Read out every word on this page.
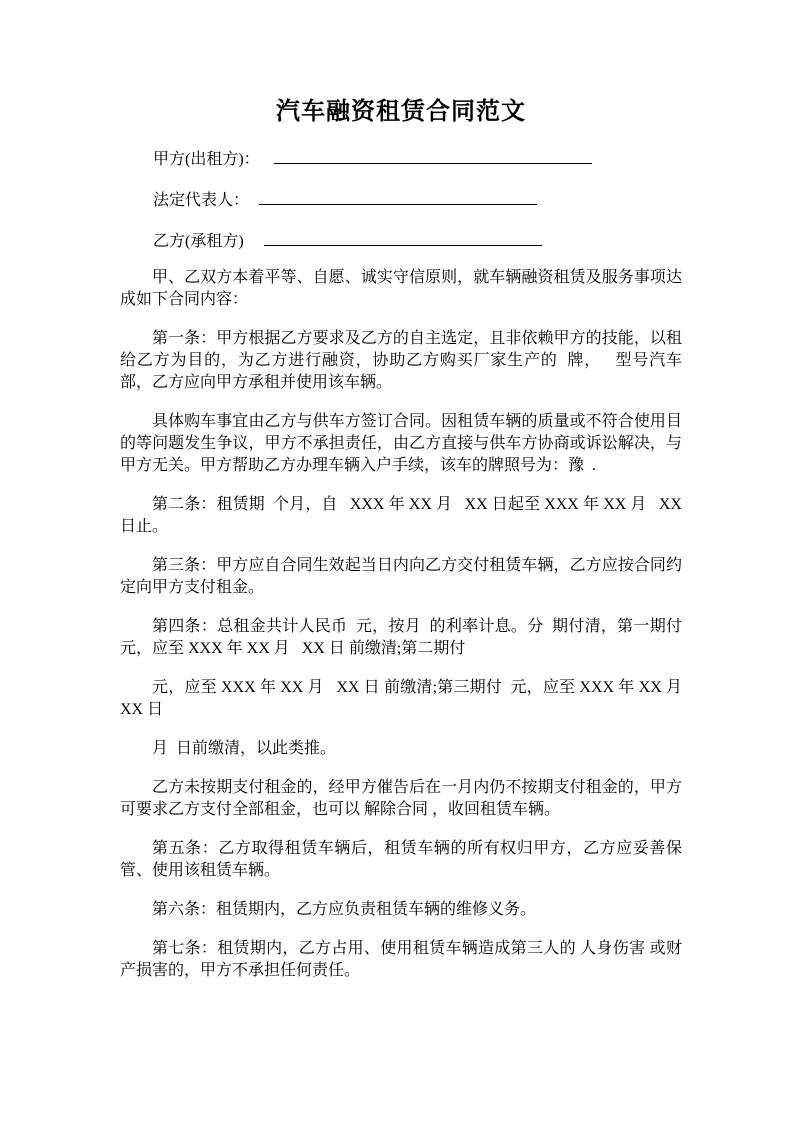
汽车融资租赁合同范文
甲方(出租方)：
法定代表人：
乙方(承租方)

甲、乙双方本着平等、自愿、诚实守信原则，就车辆融资租赁及服务事项达成如下合同内容：

第一条：甲方根据乙方要求及乙方的自主选定，且非依赖甲方的技能，以租给乙方为目的，为乙方进行融资，协助乙方购买厂家生产的  牌，   型号汽车  部，乙方应向甲方承租并使用该车辆。

具体购车事宜由乙方与供车方签订合同。因租赁车辆的质量或不符合使用目的等问题发生争议，甲方不承担责任，由乙方直接与供车方协商或诉讼解决，与甲方无关。甲方帮助乙方办理车辆入户手续，该车的牌照号为：豫  .

第二条：租赁期  个月，自   XXX 年 XX 月   XX 日起至 XXX 年 XX 月   XX 日止。

第三条：甲方应自合同生效起当日内向乙方交付租赁车辆，乙方应按合同约定向甲方支付租金。

第四条：总租金共计人民币  元，按月  的利率计息。分  期付清，第一期付  元，应至 XXX 年 XX 月   XX 日 前缴清;第二期付

元，应至 XXX 年 XX 月   XX 日 前缴清;第三期付  元，应至 XXX 年 XX 月 XX 日

月  日前缴清，以此类推。

乙方未按期支付租金的，经甲方催告后在一月内仍不按期支付租金的，甲方可要求乙方支付全部租金，也可以 解除合同 ，收回租赁车辆。

第五条：乙方取得租赁车辆后，租赁车辆的所有权归甲方，乙方应妥善保管、使用该租赁车辆。

第六条：租赁期内，乙方应负责租赁车辆的维修义务。

第七条：租赁期内，乙方占用、使用租赁车辆造成第三人的 人身伤害 或财产损害的，甲方不承担任何责任。
